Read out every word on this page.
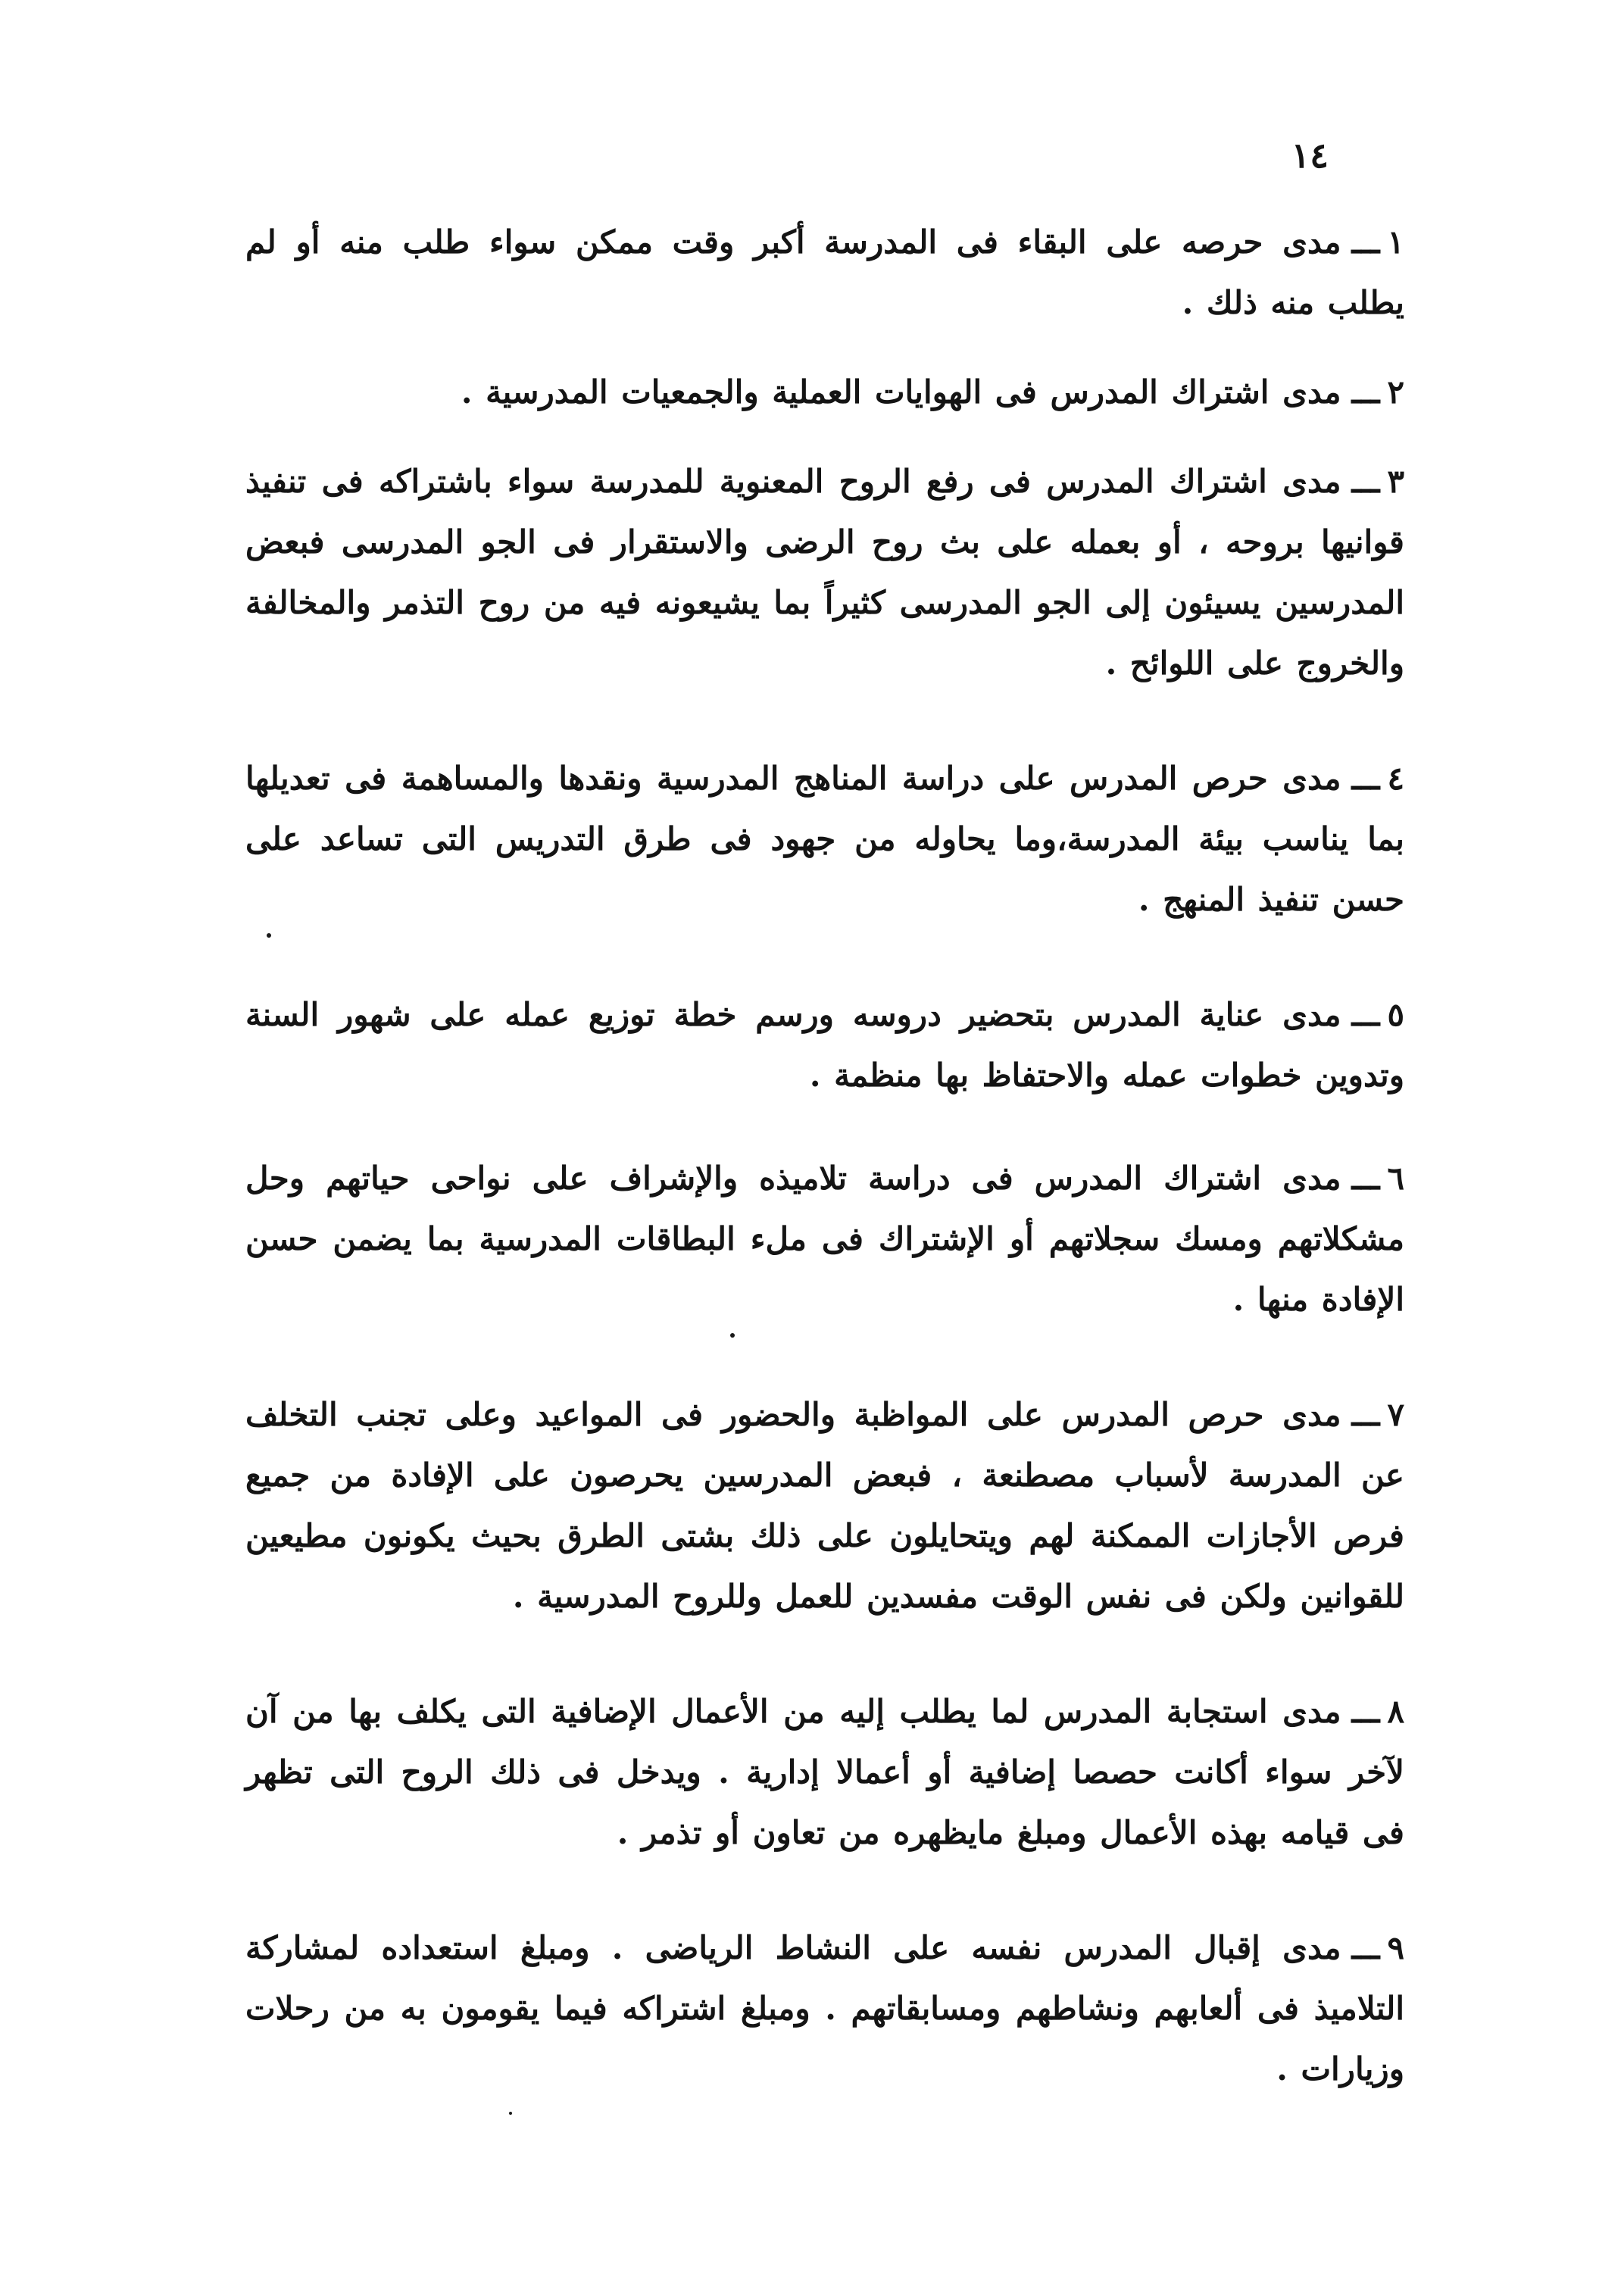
١٤

١ـــمدى حرصه على البقاء فى المدرسة أكبر وقت ممكن سواء طلب منه أو لم يطلب منه ذلك .

٢ـــمدى اشتراك المدرس فى الهوايات العملية والجمعيات المدرسية .

٣ـــمدى اشتراك المدرس فى رفع الروح المعنوية للمدرسة سواء باشتراكه فى تنفيذ قوانيها بروحه ، أو بعمله على بث روح الرضى والاستقرار فى الجو المدرسى فبعض المدرسين يسيئون إلى الجو المدرسى كثيراً بما يشيعونه فيه من روح التذمر والمخالفة والخروج على اللوائح .

٤ـــمدى حرص المدرس على دراسة المناهج المدرسية ونقدها والمساهمة فى تعديلها بما يناسب بيئة المدرسة،وما يحاوله من جهود فى طرق التدريس التى تساعد على حسن تنفيذ المنهج .

٥ـــمدى عناية المدرس بتحضير دروسه ورسم خطة توزيع عمله على شهور السنة وتدوين خطوات عمله والاحتفاظ بها منظمة .

٦ـــمدى اشتراك المدرس فى دراسة تلاميذه والإشراف على نواحى حياتهم وحل مشكلاتهم ومسك سجلاتهم أو الإشتراك فى ملء البطاقات المدرسية بما يضمن حسن الإفادة منها .

٧ـــمدى حرص المدرس على المواظبة والحضور فى المواعيد وعلى تجنب التخلف عن المدرسة لأسباب مصطنعة ، فبعض المدرسين يحرصون على الإفادة من جميع فرص الأجازات الممكنة لهم ويتحايلون على ذلك بشتى الطرق بحيث يكونون مطيعين للقوانين ولكن فى نفس الوقت مفسدين للعمل وللروح المدرسية .

٨ـــمدى استجابة المدرس لما يطلب إليه من الأعمال الإضافية التى يكلف بها من آن لآخر سواء أكانت حصصا إضافية أو أعمالا إدارية . ويدخل فى ذلك الروح التى تظهر فى قيامه بهذه الأعمال ومبلغ مايظهره من تعاون أو تذمر .

٩ـــمدى إقبال المدرس نفسه على النشاط الرياضى . ومبلغ استعداده لمشاركة التلاميذ فى ألعابهم ونشاطهم ومسابقاتهم . ومبلغ اشتراكه فيما يقومون به من رحلات وزيارات .
